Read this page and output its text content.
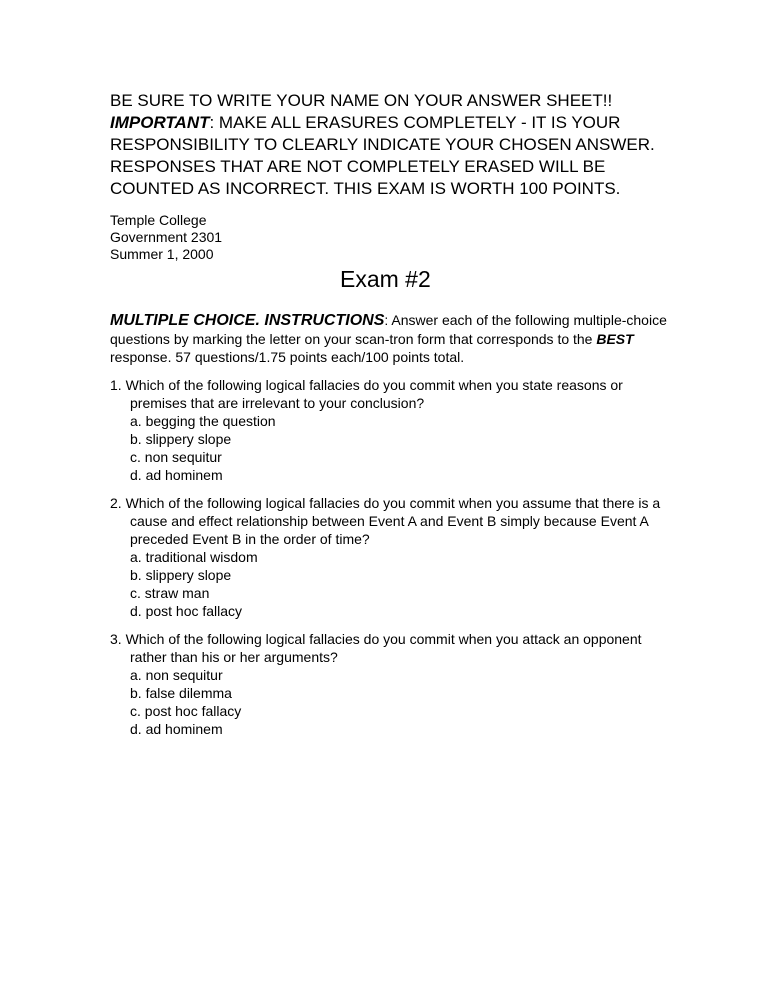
BE SURE TO WRITE YOUR NAME ON YOUR ANSWER SHEET!!
IMPORTANT: MAKE ALL ERASURES COMPLETELY - IT IS YOUR RESPONSIBILITY TO CLEARLY INDICATE YOUR CHOSEN ANSWER. RESPONSES THAT ARE NOT COMPLETELY ERASED WILL BE COUNTED AS INCORRECT. THIS EXAM IS WORTH 100 POINTS.
Temple College
Government 2301
Summer 1, 2000
Exam #2
MULTIPLE CHOICE. INSTRUCTIONS: Answer each of the following multiple-choice questions by marking the letter on your scan-tron form that corresponds to the BEST response. 57 questions/1.75 points each/100 points total.
1. Which of the following logical fallacies do you commit when you state reasons or premises that are irrelevant to your conclusion?
a. begging the question
b. slippery slope
c. non sequitur
d. ad hominem
2. Which of the following logical fallacies do you commit when you assume that there is a cause and effect relationship between Event A and Event B simply because Event A preceded Event B in the order of time?
a. traditional wisdom
b. slippery slope
c. straw man
d. post hoc fallacy
3. Which of the following logical fallacies do you commit when you attack an opponent rather than his or her arguments?
a. non sequitur
b. false dilemma
c. post hoc fallacy
d. ad hominem
